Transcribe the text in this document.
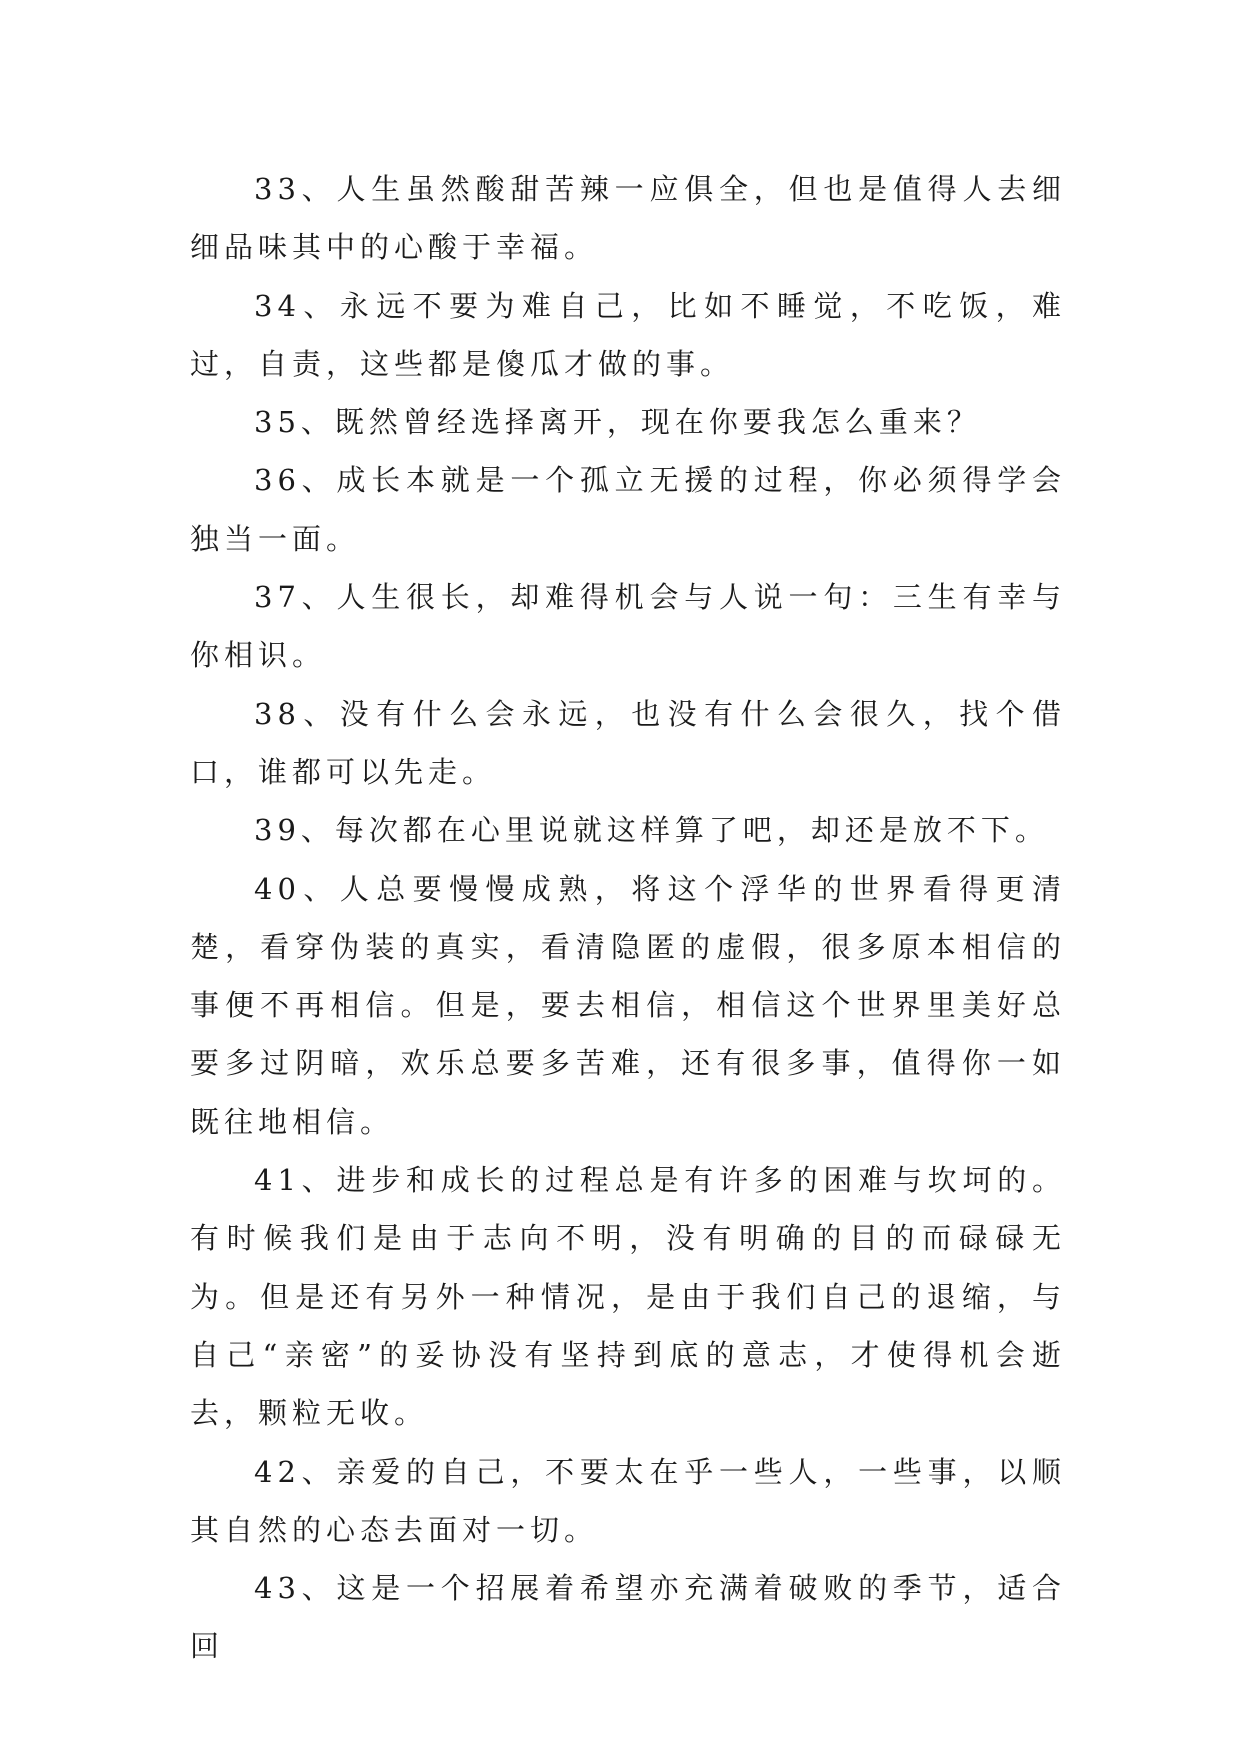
33、人生虽然酸甜苦辣一应俱全，但也是值得人去细细品味其中的心酸于幸福。

34、永远不要为难自己，比如不睡觉，不吃饭，难过，自责，这些都是傻瓜才做的事。

35、既然曾经选择离开，现在你要我怎么重来？

36、成长本就是一个孤立无援的过程，你必须得学会独当一面。

37、人生很长，却难得机会与人说一句：三生有幸与你相识。

38、没有什么会永远，也没有什么会很久，找个借口，谁都可以先走。

39、每次都在心里说就这样算了吧，却还是放不下。

40、人总要慢慢成熟，将这个浮华的世界看得更清楚，看穿伪装的真实，看清隐匿的虚假，很多原本相信的事便不再相信。但是，要去相信，相信这个世界里美好总要多过阴暗，欢乐总要多苦难，还有很多事，值得你一如既往地相信。

41、进步和成长的过程总是有许多的困难与坎坷的。有时候我们是由于志向不明，没有明确的目的而碌碌无为。但是还有另外一种情况，是由于我们自己的退缩，与自己“亲密”的妥协没有坚持到底的意志，才使得机会逝去，颗粒无收。

42、亲爱的自己，不要太在乎一些人，一些事，以顺其自然的心态去面对一切。

43、这是一个招展着希望亦充满着破败的季节，适合回
